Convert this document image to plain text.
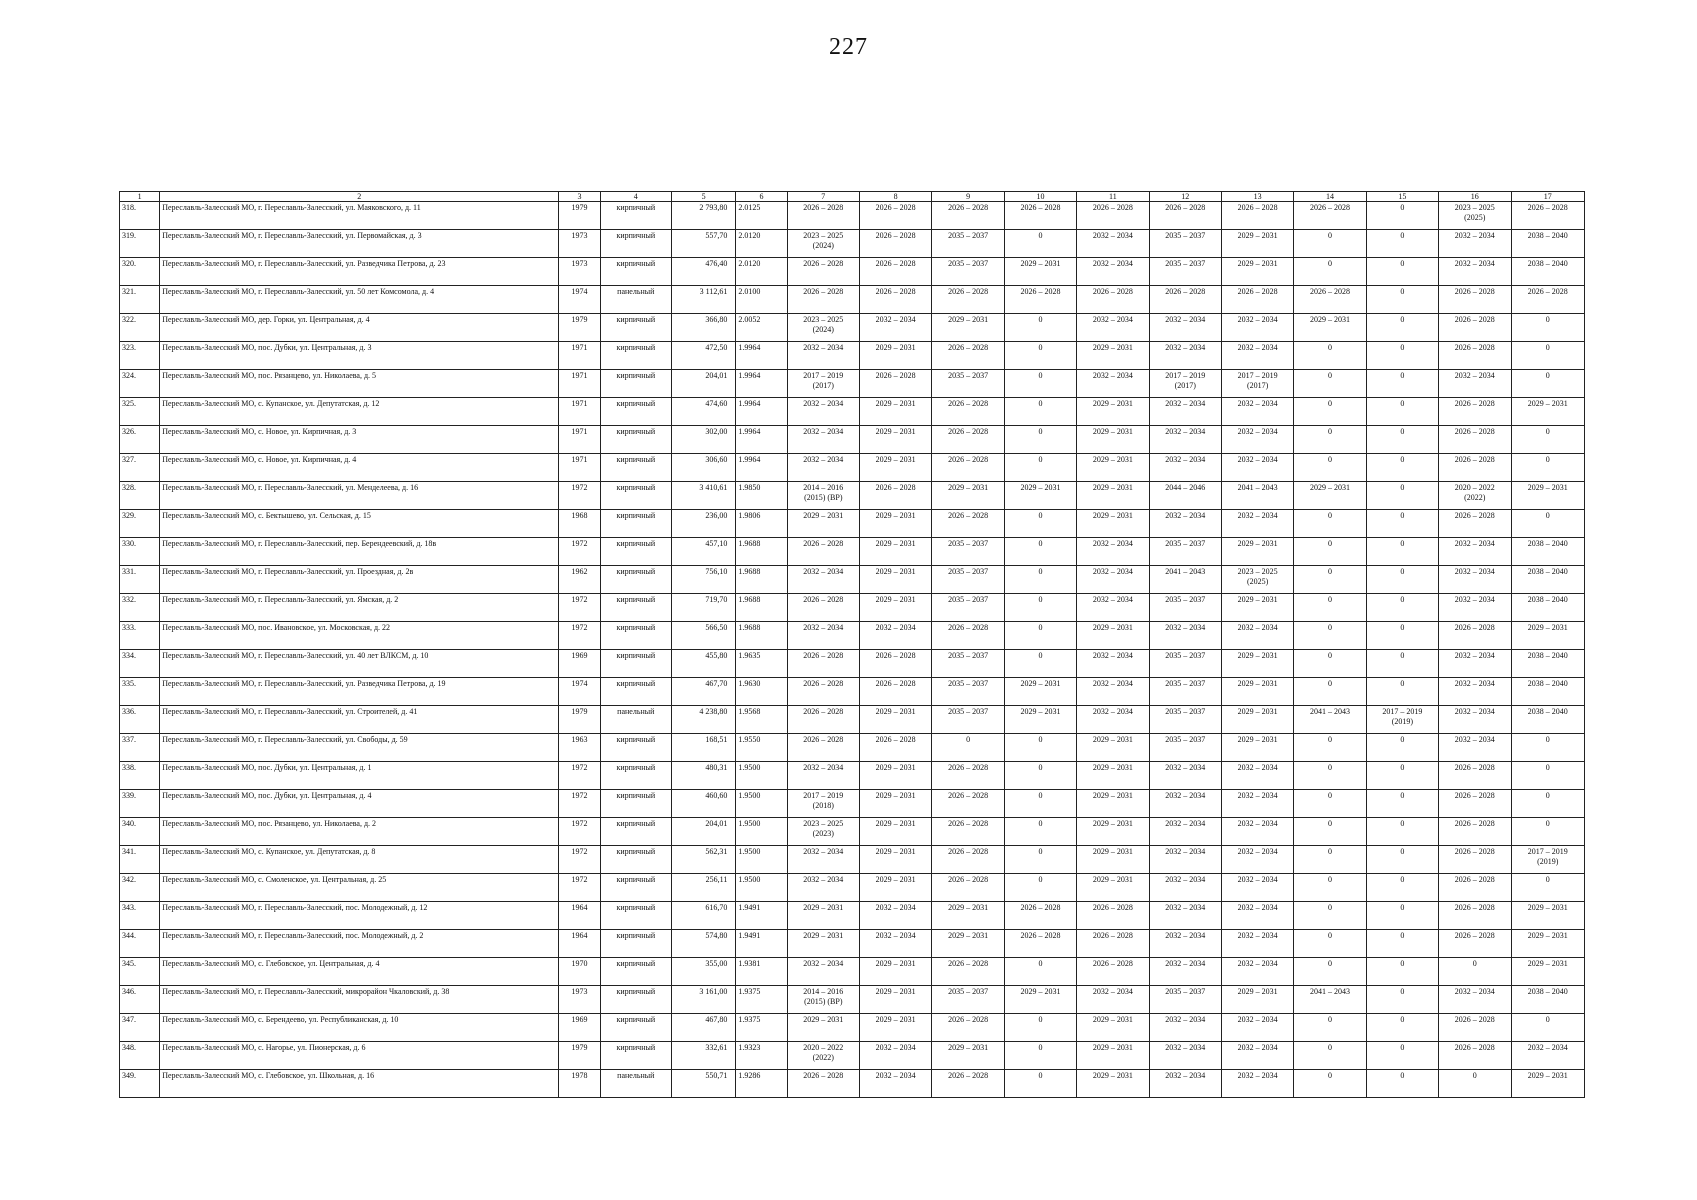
227
1	2	3	4	5	6	7	8	9	10	11	12	13	14	15	16	17
318.	Переславль-Залесский МО, г. Переславль-Залесский, ул. Маяковского, д. 11	1979	кирпичный	2 793,80	2.0125	2026 – 2028	2026 – 2028	2026 – 2028	2026 – 2028	2026 – 2028	2026 – 2028	2026 – 2028	2026 – 2028	0	2023 – 2025
(2025)	2026 – 2028
319.	Переславль-Залесский МО, г. Переславль-Залесский, ул. Первомайская, д. 3	1973	кирпичный	557,70	2.0120	2023 – 2025
(2024)	2026 – 2028	2035 – 2037	0	2032 – 2034	2035 – 2037	2029 – 2031	0	0	2032 – 2034	2038 – 2040
320.	Переславль-Залесский МО, г. Переславль-Залесский, ул. Разведчика Петрова, д. 23	1973	кирпичный	476,40	2.0120	2026 – 2028	2026 – 2028	2035 – 2037	2029 – 2031	2032 – 2034	2035 – 2037	2029 – 2031	0	0	2032 – 2034	2038 – 2040
321.	Переславль-Залесский МО, г. Переславль-Залесский, ул. 50 лет Комсомола, д. 4	1974	панельный	3 112,61	2.0100	2026 – 2028	2026 – 2028	2026 – 2028	2026 – 2028	2026 – 2028	2026 – 2028	2026 – 2028	2026 – 2028	0	2026 – 2028	2026 – 2028
322.	Переславль-Залесский МО, дер. Горки, ул. Центральная, д. 4	1979	кирпичный	366,80	2.0052	2023 – 2025
(2024)	2032 – 2034	2029 – 2031	0	2032 – 2034	2032 – 2034	2032 – 2034	2029 – 2031	0	2026 – 2028	0
323.	Переславль-Залесский МО, пос. Дубки, ул. Центральная, д. 3	1971	кирпичный	472,50	1.9964	2032 – 2034	2029 – 2031	2026 – 2028	0	2029 – 2031	2032 – 2034	2032 – 2034	0	0	2026 – 2028	0
324.	Переславль-Залесский МО, пос. Рязанцево, ул. Николаева, д. 5	1971	кирпичный	204,01	1.9964	2017 – 2019
(2017)	2026 – 2028	2035 – 2037	0	2032 – 2034	2017 – 2019
(2017)	2017 – 2019
(2017)	0	0	2032 – 2034	0
325.	Переславль-Залесский МО, с. Купанское, ул. Депутатская, д. 12	1971	кирпичный	474,60	1.9964	2032 – 2034	2029 – 2031	2026 – 2028	0	2029 – 2031	2032 – 2034	2032 – 2034	0	0	2026 – 2028	2029 – 2031
326.	Переславль-Залесский МО, с. Новое, ул. Кирпичная, д. 3	1971	кирпичный	302,00	1.9964	2032 – 2034	2029 – 2031	2026 – 2028	0	2029 – 2031	2032 – 2034	2032 – 2034	0	0	2026 – 2028	0
327.	Переславль-Залесский МО, с. Новое, ул. Кирпичная, д. 4	1971	кирпичный	306,60	1.9964	2032 – 2034	2029 – 2031	2026 – 2028	0	2029 – 2031	2032 – 2034	2032 – 2034	0	0	2026 – 2028	0
328.	Переславль-Залесский МО, г. Переславль-Залесский, ул. Менделеева, д. 16	1972	кирпичный	3 410,61	1.9850	2014 – 2016
(2015) (ВР)	2026 – 2028	2029 – 2031	2029 – 2031	2029 – 2031	2044 – 2046	2041 – 2043	2029 – 2031	0	2020 – 2022
(2022)	2029 – 2031
329.	Переславль-Залесский МО, с. Бектышево, ул. Сельская, д. 15	1968	кирпичный	236,00	1.9806	2029 – 2031	2029 – 2031	2026 – 2028	0	2029 – 2031	2032 – 2034	2032 – 2034	0	0	2026 – 2028	0
330.	Переславль-Залесский МО, г. Переславль-Залесский, пер. Берендеевский, д. 18в	1972	кирпичный	457,10	1.9688	2026 – 2028	2029 – 2031	2035 – 2037	0	2032 – 2034	2035 – 2037	2029 – 2031	0	0	2032 – 2034	2038 – 2040
331.	Переславль-Залесский МО, г. Переславль-Залесский, ул. Проездная, д. 2в	1962	кирпичный	756,10	1.9688	2032 – 2034	2029 – 2031	2035 – 2037	0	2032 – 2034	2041 – 2043	2023 – 2025
(2025)	0	0	2032 – 2034	2038 – 2040
332.	Переславль-Залесский МО, г. Переславль-Залесский, ул. Ямская, д. 2	1972	кирпичный	719,70	1.9688	2026 – 2028	2029 – 2031	2035 – 2037	0	2032 – 2034	2035 – 2037	2029 – 2031	0	0	2032 – 2034	2038 – 2040
333.	Переславль-Залесский МО, пос. Ивановское, ул. Московская, д. 22	1972	кирпичный	566,50	1.9688	2032 – 2034	2032 – 2034	2026 – 2028	0	2029 – 2031	2032 – 2034	2032 – 2034	0	0	2026 – 2028	2029 – 2031
334.	Переславль-Залесский МО, г. Переславль-Залесский, ул. 40 лет ВЛКСМ, д. 10	1969	кирпичный	455,80	1.9635	2026 – 2028	2026 – 2028	2035 – 2037	0	2032 – 2034	2035 – 2037	2029 – 2031	0	0	2032 – 2034	2038 – 2040
335.	Переславль-Залесский МО, г. Переславль-Залесский, ул. Разведчика Петрова, д. 19	1974	кирпичный	467,70	1.9630	2026 – 2028	2026 – 2028	2035 – 2037	2029 – 2031	2032 – 2034	2035 – 2037	2029 – 2031	0	0	2032 – 2034	2038 – 2040
336.	Переславль-Залесский МО, г. Переславль-Залесский, ул. Строителей, д. 41	1979	панельный	4 238,80	1.9568	2026 – 2028	2029 – 2031	2035 – 2037	2029 – 2031	2032 – 2034	2035 – 2037	2029 – 2031	2041 – 2043	2017 – 2019
(2019)	2032 – 2034	2038 – 2040
337.	Переславль-Залесский МО, г. Переславль-Залесский, ул. Свободы, д. 59	1963	кирпичный	168,51	1.9550	2026 – 2028	2026 – 2028	0	0	2029 – 2031	2035 – 2037	2029 – 2031	0	0	2032 – 2034	0
338.	Переславль-Залесский МО, пос. Дубки, ул. Центральная, д. 1	1972	кирпичный	480,31	1.9500	2032 – 2034	2029 – 2031	2026 – 2028	0	2029 – 2031	2032 – 2034	2032 – 2034	0	0	2026 – 2028	0
339.	Переславль-Залесский МО, пос. Дубки, ул. Центральная, д. 4	1972	кирпичный	460,60	1.9500	2017 – 2019
(2018)	2029 – 2031	2026 – 2028	0	2029 – 2031	2032 – 2034	2032 – 2034	0	0	2026 – 2028	0
340.	Переславль-Залесский МО, пос. Рязанцево, ул. Николаева, д. 2	1972	кирпичный	204,01	1.9500	2023 – 2025
(2023)	2029 – 2031	2026 – 2028	0	2029 – 2031	2032 – 2034	2032 – 2034	0	0	2026 – 2028	0
341.	Переславль-Залесский МО, с. Купанское, ул. Депутатская, д. 8	1972	кирпичный	562,31	1.9500	2032 – 2034	2029 – 2031	2026 – 2028	0	2029 – 2031	2032 – 2034	2032 – 2034	0	0	2026 – 2028	2017 – 2019
(2019)
342.	Переславль-Залесский МО, с. Смоленское, ул. Центральная, д. 25	1972	кирпичный	256,11	1.9500	2032 – 2034	2029 – 2031	2026 – 2028	0	2029 – 2031	2032 – 2034	2032 – 2034	0	0	2026 – 2028	0
343.	Переславль-Залесский МО, г. Переславль-Залесский, пос. Молодежный, д. 12	1964	кирпичный	616,70	1.9491	2029 – 2031	2032 – 2034	2029 – 2031	2026 – 2028	2026 – 2028	2032 – 2034	2032 – 2034	0	0	2026 – 2028	2029 – 2031
344.	Переславль-Залесский МО, г. Переславль-Залесский, пос. Молодежный, д. 2	1964	кирпичный	574,80	1.9491	2029 – 2031	2032 – 2034	2029 – 2031	2026 – 2028	2026 – 2028	2032 – 2034	2032 – 2034	0	0	2026 – 2028	2029 – 2031
345.	Переславль-Залесский МО, с. Глебовское, ул. Центральная, д. 4	1970	кирпичный	355,00	1.9381	2032 – 2034	2029 – 2031	2026 – 2028	0	2026 – 2028	2032 – 2034	2032 – 2034	0	0	0	2029 – 2031
346.	Переславль-Залесский МО, г. Переславль-Залесский, микрорайон Чкаловский, д. 38	1973	кирпичный	3 161,00	1.9375	2014 – 2016
(2015) (ВР)	2029 – 2031	2035 – 2037	2029 – 2031	2032 – 2034	2035 – 2037	2029 – 2031	2041 – 2043	0	2032 – 2034	2038 – 2040
347.	Переславль-Залесский МО, с. Берендеево, ул. Республиканская, д. 10	1969	кирпичный	467,80	1.9375	2029 – 2031	2029 – 2031	2026 – 2028	0	2029 – 2031	2032 – 2034	2032 – 2034	0	0	2026 – 2028	0
348.	Переславль-Залесский МО, с. Нагорье, ул. Пионерская, д. 6	1979	кирпичный	332,61	1.9323	2020 – 2022
(2022)	2032 – 2034	2029 – 2031	0	2029 – 2031	2032 – 2034	2032 – 2034	0	0	2026 – 2028	2032 – 2034
349.	Переславль-Залесский МО, с. Глебовское, ул. Школьная, д. 16	1978	панельный	550,71	1.9286	2026 – 2028	2032 – 2034	2026 – 2028	0	2029 – 2031	2032 – 2034	2032 – 2034	0	0	0	2029 – 2031
